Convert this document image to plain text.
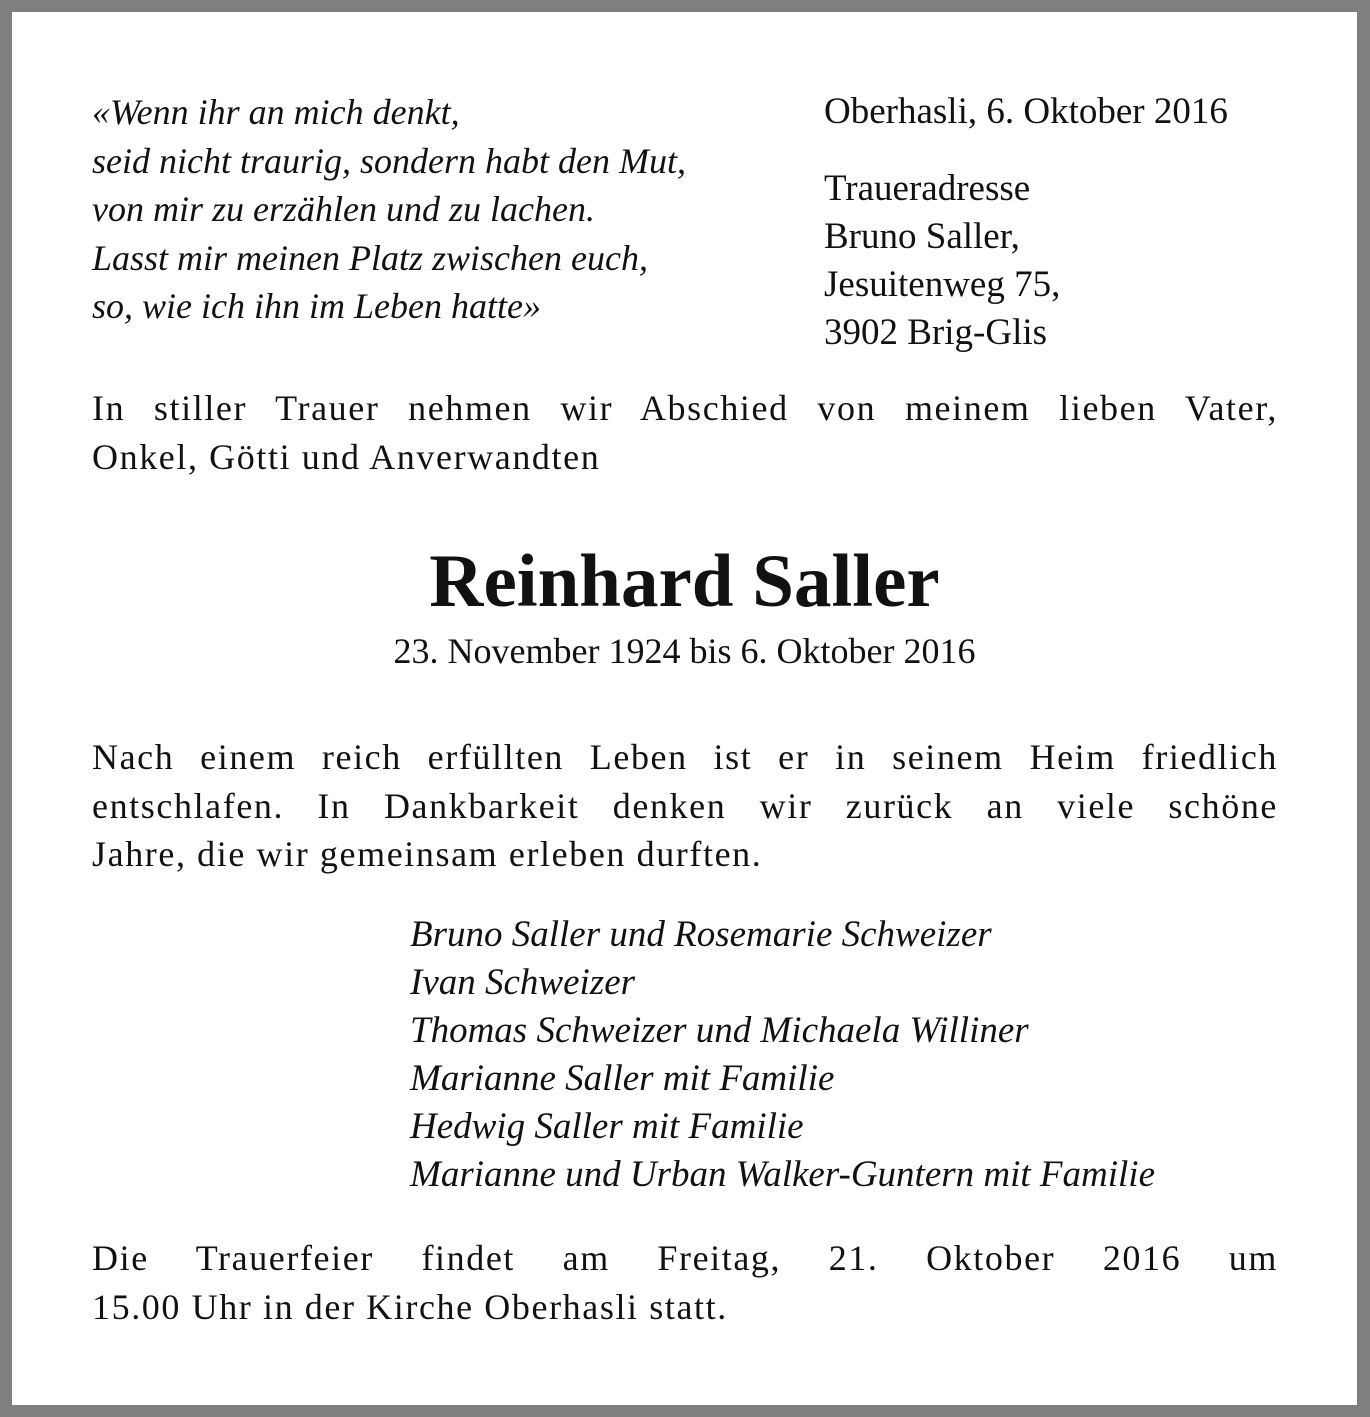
«Wenn ihr an mich denkt,
seid nicht traurig, sondern habt den Mut,
von mir zu erzählen und zu lachen.
Lasst mir meinen Platz zwischen euch,
so, wie ich ihn im Leben hatte»
Oberhasli, 6. Oktober 2016
Traueradresse
Bruno Saller,
Jesuitenweg 75,
3902 Brig-Glis
In stiller Trauer nehmen wir Abschied von meinem lieben Vater,
Onkel, Götti und Anverwandten
Reinhard Saller
23. November 1924 bis 6. Oktober 2016
Nach einem reich erfüllten Leben ist er in seinem Heim friedlich
entschlafen. In Dankbarkeit denken wir zurück an viele schöne
Jahre, die wir gemeinsam erleben durften.
Bruno Saller und Rosemarie Schweizer
Ivan Schweizer
Thomas Schweizer und Michaela Williner
Marianne Saller mit Familie
Hedwig Saller mit Familie
Marianne und Urban Walker-Guntern mit Familie
Die Trauerfeier findet am Freitag, 21. Oktober 2016 um
15.00 Uhr in der Kirche Oberhasli statt.
